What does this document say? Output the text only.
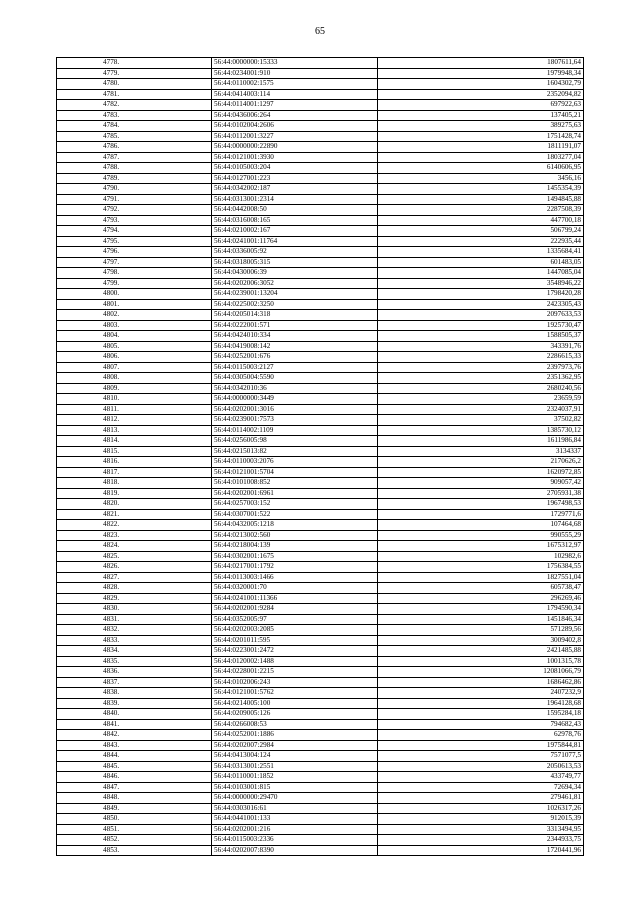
65
4778.	56:44:0000000:15333	1807611,64
4779.	56:44:0234001:910	1979948,34
4780.	56:44:0110002:1575	1604302,79
4781.	56:44:0414003:114	2352094,82
4782.	56:44:0114001:1297	697922,63
4783.	56:44:0436006:264	137405,21
4784.	56:44:0102004:2606	389275,63
4785.	56:44:0112001:3227	1751428,74
4786.	56:44:0000000:22890	1811191,07
4787.	56:44:0121001:3930	1803277,04
4788.	56:44:0105003:204	6140606,95
4789.	56:44:0127001:223	3456,16
4790.	56:44:0342002:187	1455354,39
4791.	56:44:0313001:2314	1494845,88
4792.	56:44:0442008:50	2287508,39
4793.	56:44:0316008:165	447700,18
4794.	56:44:0210002:167	506799,24
4795.	56:44:0241001:11764	222935,44
4796.	56:44:0336005:92	1335684,41
4797.	56:44:0318005:315	601483,05
4798.	56:44:0430006:39	1447085,04
4799.	56:44:0202006:3052	3548946,22
4800.	56:44:0239001:13204	1798420,28
4801.	56:44:0225002:3250	2423305,43
4802.	56:44:0205014:318	2097633,53
4803.	56:44:0222001:571	1925730,47
4804.	56:44:0424010:334	1588505,37
4805.	56:44:0419008:142	343391,76
4806.	56:44:0252001:676	2286615,33
4807.	56:44:0115003:2127	2397973,76
4808.	56:44:0305004:5590	2351362,95
4809.	56:44:0342010:36	2680240,56
4810.	56:44:0000000:3449	23659,59
4811.	56:44:0202001:3016	2324037,91
4812.	56:44:0239001:7573	37502,82
4813.	56:44:0114002:1109	1385730,12
4814.	56:44:0256005:98	1611986,84
4815.	56:44:0215013:82	3134337
4816.	56:44:0110003:2076	2170626,2
4817.	56:44:0121001:5704	1620972,85
4818.	56:44:0101008:852	909057,42
4819.	56:44:0202001:6961	2705931,38
4820.	56:44:0257003:152	1967498,53
4821.	56:44:0307001:522	1729771,6
4822.	56:44:0432005:1218	107464,68
4823.	56:44:0213002:560	990555,29
4824.	56:44:0218004:139	1675312,97
4825.	56:44:0302001:1675	102982,6
4826.	56:44:0217001:1792	1756384,55
4827.	56:44:0113003:1466	1827551,04
4828.	56:44:0320001:70	605738,47
4829.	56:44:0241001:11366	296269,46
4830.	56:44:0202001:9284	1794590,34
4831.	56:44:0352005:97	1451846,34
4832.	56:44:0202003:2085	571289,56
4833.	56:44:0201011:595	3009402,8
4834.	56:44:0223001:2472	2421485,88
4835.	56:44:0120002:1488	1001315,78
4836.	56:44:0228001:2215	12081066,79
4837.	56:44:0102006:243	1686462,86
4838.	56:44:0121001:5762	2407232,9
4839.	56:44:0214005:100	1964128,68
4840.	56:44:0209005:126	1595284,18
4841.	56:44:0266008:53	794682,43
4842.	56:44:0252001:1886	62978,76
4843.	56:44:0202007:2984	1975844,81
4844.	56:44:0413004:124	7571077,5
4845.	56:44:0313001:2551	2050613,53
4846.	56:44:0110001:1852	433749,77
4847.	56:44:0103001:815	72694,34
4848.	56:44:0000000:29470	279461,81
4849.	56:44:0303016:61	1026317,26
4850.	56:44:0441001:133	912015,39
4851.	56:44:0202001:216	3313494,95
4852.	56:44:0115003:2336	2344933,75
4853.	56:44:0202007:8390	1720441,96
